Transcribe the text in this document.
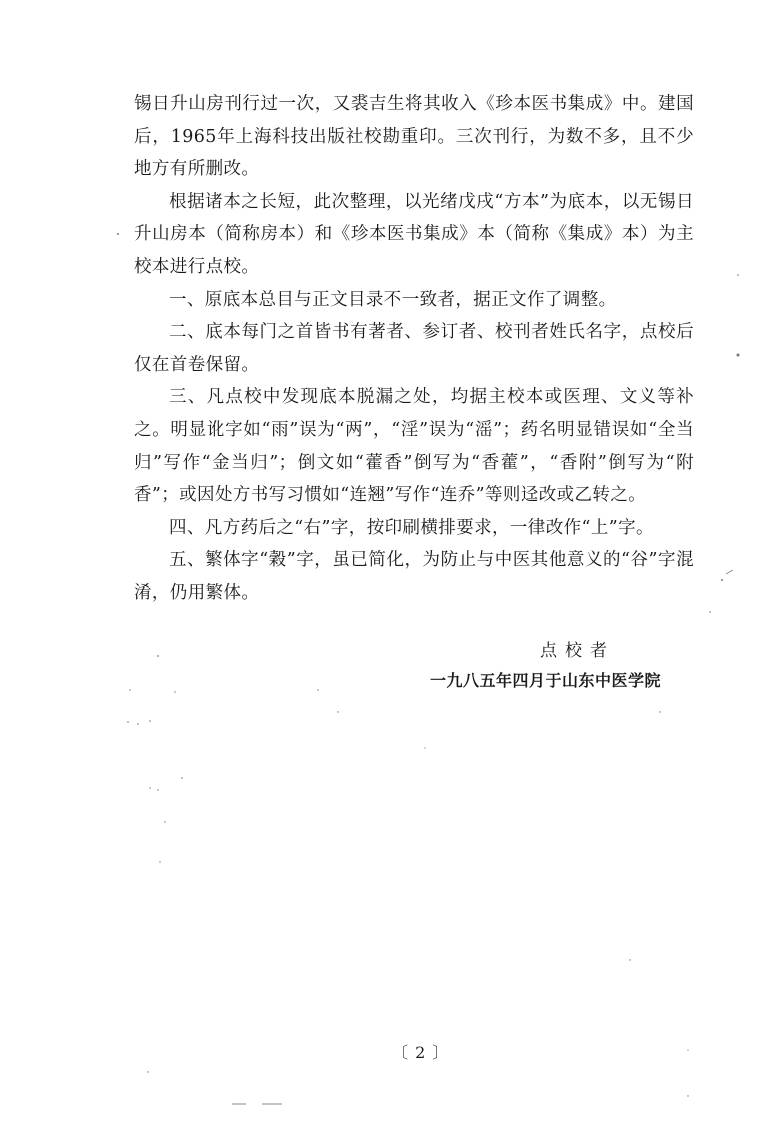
锡日升山房刊行过一次，又裘吉生将其收入《珍本医书集成》中。建国后，1965年上海科技出版社校勘重印。三次刊行，为数不多，且不少地方有所删改。

根据诸本之长短，此次整理，以光绪戊戌“方本”为底本，以无锡日升山房本（简称房本）和《珍本医书集成》本（简称《集成》本）为主校本进行点校。

一、原底本总目与正文目录不一致者，据正文作了调整。

二、底本每门之首皆书有著者、参订者、校刊者姓氏名字，点校后仅在首卷保留。

三、凡点校中发现底本脱漏之处，均据主校本或医理、文义等补之。明显讹字如“雨”误为“两”，“淫”误为“滛”；药名明显错误如“全当归”写作“金当归”；倒文如“藿香”倒写为“香藿”，“香附”倒写为“附香”；或因处方书写习惯如“连翘”写作“连乔”等则迳改或乙转之。

四、凡方药后之“右”字，按印刷横排要求，一律改作“上”字。

五、繁体字“穀”字，虽已简化，为防止与中医其他意义的“谷”字混淆，仍用繁体。

点校者
一九八五年四月于山东中医学院
〔 2 〕
